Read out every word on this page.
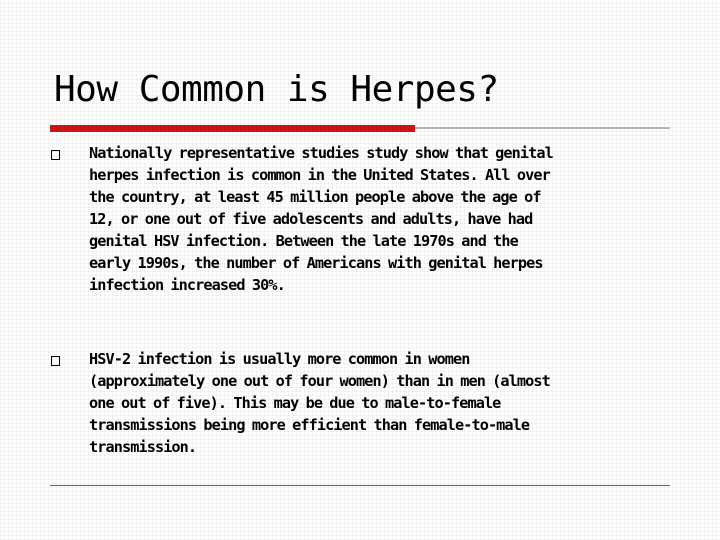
How Common is Herpes?
Nationally representative studies study show that genital
herpes infection is common in the United States. All over
the country, at least 45 million people above the age of
12, or one out of five adolescents and adults, have had
genital HSV infection. Between the late 1970s and the
early 1990s, the number of Americans with genital herpes
infection increased 30%.
HSV-2 infection is usually more common in women
(approximately one out of four women) than in men (almost
one out of five). This may be due to male-to-female
transmissions being more efficient than female-to-male
transmission.
